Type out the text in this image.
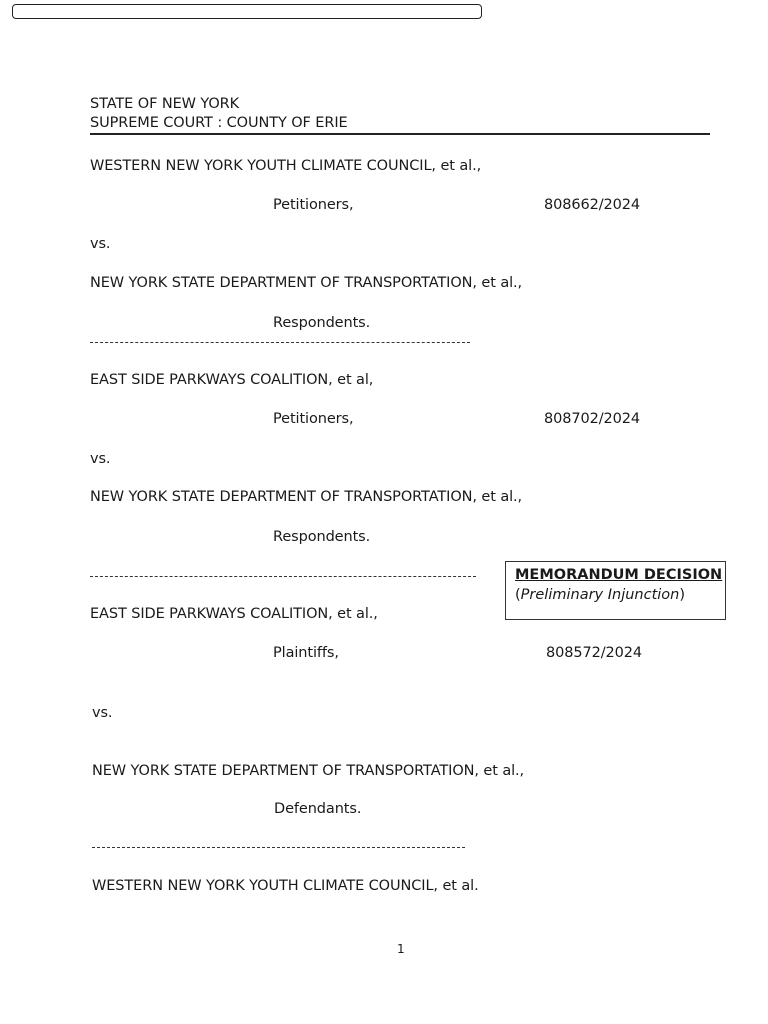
STATE OF NEW YORK
SUPREME COURT : COUNTY OF ERIE
WESTERN NEW YORK YOUTH CLIMATE COUNCIL, et al.,
Petitioners,	808662/2024
vs.
NEW YORK STATE DEPARTMENT OF TRANSPORTATION, et al.,
Respondents.
EAST SIDE PARKWAYS COALITION, et al,
Petitioners,	808702/2024
vs.
NEW YORK STATE DEPARTMENT OF TRANSPORTATION, et al.,
Respondents.
MEMORANDUM DECISION
(Preliminary Injunction)
EAST SIDE PARKWAYS COALITION, et al.,
Plaintiffs,	808572/2024
vs.
NEW YORK STATE DEPARTMENT OF TRANSPORTATION, et al.,
Defendants.
WESTERN NEW YORK YOUTH CLIMATE COUNCIL, et al.
1
